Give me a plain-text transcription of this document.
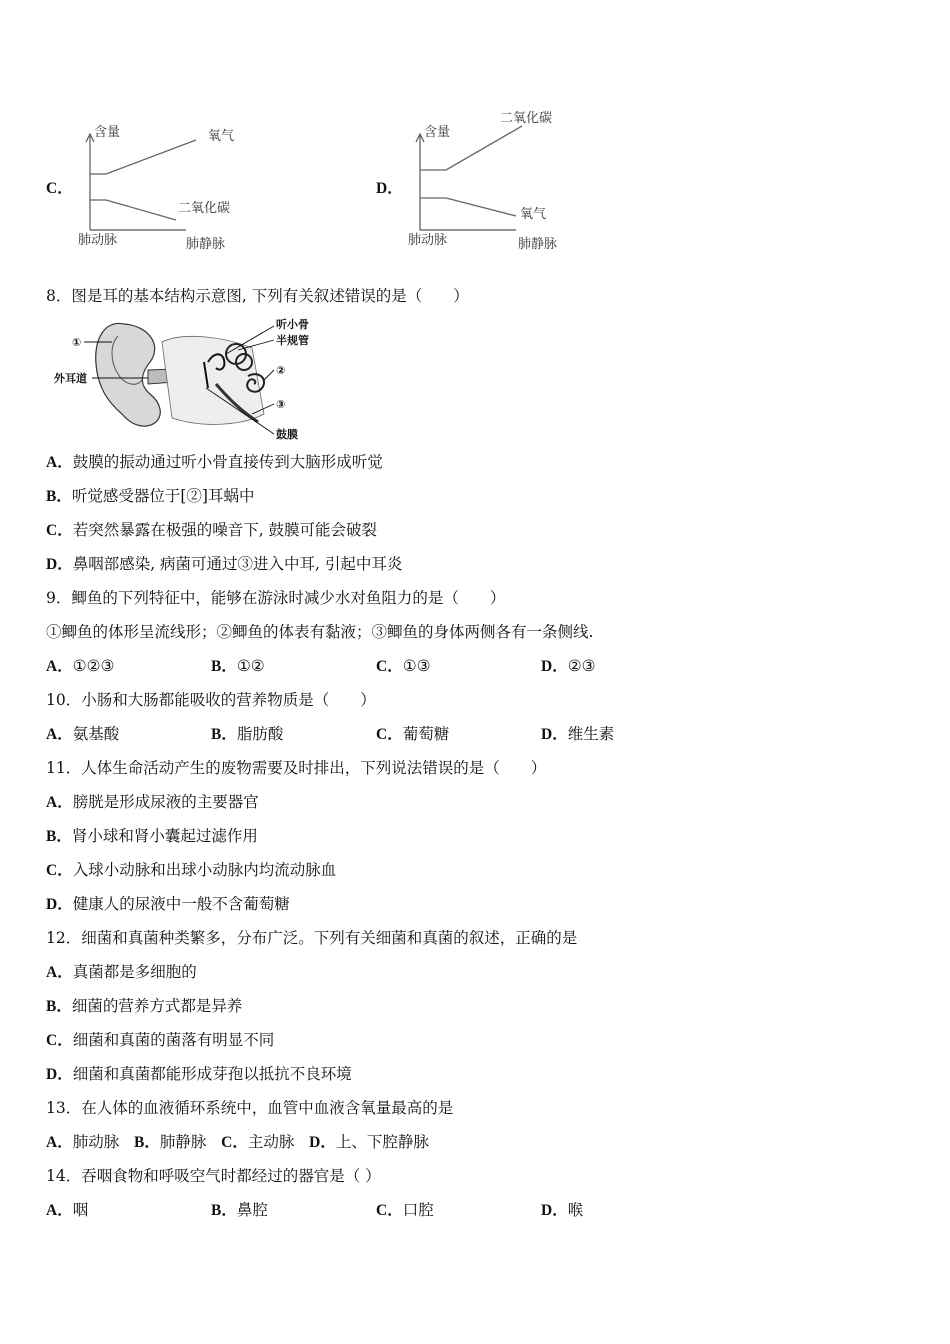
C．
含量	氧气
二氧化碳
肺动脉	肺静脉
D．
含量
二氧化碳
氧气
肺动脉	肺静脉
8．图是耳的基本结构示意图, 下列有关叙述错误的是（　　）
①
外耳道
听小骨
半规管
②
③
鼓膜
A．鼓膜的振动通过听小骨直接传到大脑形成听觉
B．听觉感受器位于[②]耳蜗中
C．若突然暴露在极强的噪音下, 鼓膜可能会破裂
D．鼻咽部感染, 病菌可通过③进入中耳, 引起中耳炎
9．鲫鱼的下列特征中，能够在游泳时减少水对鱼阻力的是（　　）
①鲫鱼的体形呈流线形；②鲫鱼的体表有黏液；③鲫鱼的身体两侧各有一条侧线.
A．①②③	B．①②	C．①③	D．②③
10．小肠和大肠都能吸收的营养物质是（　　）
A．氨基酸	B．脂肪酸	C．葡萄糖	D．维生素
11．人体生命活动产生的废物需要及时排出，下列说法错误的是（　　）
A．膀胱是形成尿液的主要器官
B．肾小球和肾小囊起过滤作用
C．入球小动脉和出球小动脉内均流动脉血
D．健康人的尿液中一般不含葡萄糖
12．细菌和真菌种类繁多，分布广泛。下列有关细菌和真菌的叙述，正确的是
A．真菌都是多细胞的
B．细菌的营养方式都是异养
C．细菌和真菌的菌落有明显不同
D．细菌和真菌都能形成芽孢以抵抗不良环境
13．在人体的血液循环系统中，血管中血液含氧量最高的是
A．肺动脉 B．肺静脉 C．主动脉 D．上、下腔静脉
14．吞咽食物和呼吸空气时都经过的器官是（ ）
A．咽	B．鼻腔	C．口腔	D．喉
